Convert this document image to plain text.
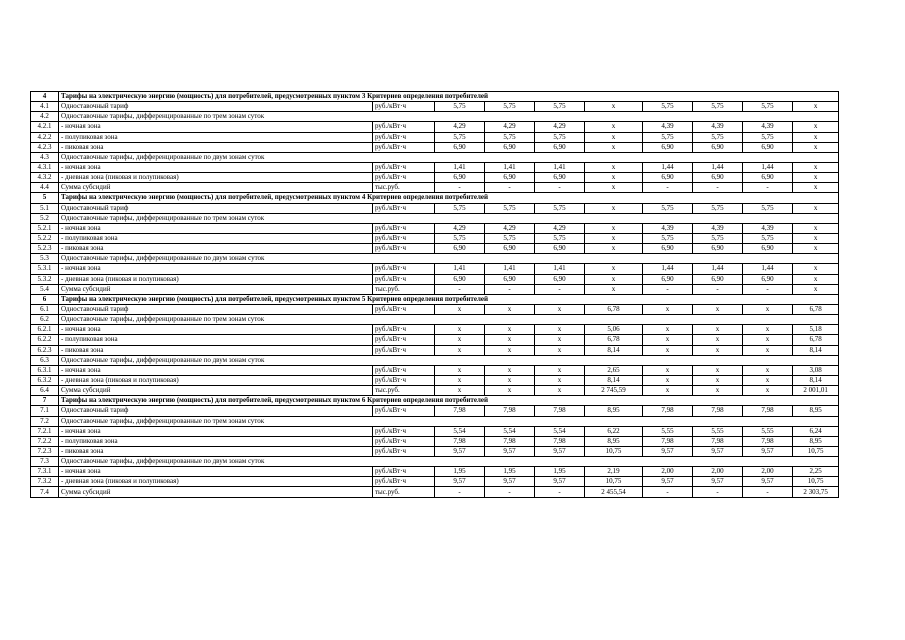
4	Тарифы на электрическую энергию (мощность) для потребителей, предусмотренных пунктом 3 Критериев определения потребителей									
4.1	Одноставочный тариф	руб./кВт·ч	5,75	5,75	5,75	x	5,75	5,75	5,75	x
4.2	Одноставочные тарифы, дифференцированные по трем зонам суток									
4.2.1	- ночная зона	руб./кВт·ч	4,29	4,29	4,29	x	4,39	4,39	4,39	x
4.2.2	- полупиковая зона	руб./кВт·ч	5,75	5,75	5,75	x	5,75	5,75	5,75	x
4.2.3	- пиковая зона	руб./кВт·ч	6,90	6,90	6,90	x	6,90	6,90	6,90	x
4.3	Одноставочные тарифы, дифференцированные по двум зонам суток									
4.3.1	- ночная зона	руб./кВт·ч	1,41	1,41	1,41	x	1,44	1,44	1,44	x
4.3.2	- дневная зона (пиковая и полупиковая)	руб./кВт·ч	6,90	6,90	6,90	x	6,90	6,90	6,90	x
4.4	Сумма субсидий	тыс.руб.	-	-	-	x	-	-	-	x
5	Тарифы на электрическую энергию (мощность) для потребителей, предусмотренных пунктом 4 Критериев определения потребителей									
5.1	Одноставочный тариф	руб./кВт·ч	5,75	5,75	5,75	x	5,75	5,75	5,75	x
5.2	Одноставочные тарифы, дифференцированные по трем зонам суток									
5.2.1	- ночная зона	руб./кВт·ч	4,29	4,29	4,29	x	4,39	4,39	4,39	x
5.2.2	- полупиковая зона	руб./кВт·ч	5,75	5,75	5,75	x	5,75	5,75	5,75	x
5.2.3	- пиковая зона	руб./кВт·ч	6,90	6,90	6,90	x	6,90	6,90	6,90	x
5.3	Одноставочные тарифы, дифференцированные по двум зонам суток									
5.3.1	- ночная зона	руб./кВт·ч	1,41	1,41	1,41	x	1,44	1,44	1,44	x
5.3.2	- дневная зона (пиковая и полупиковая)	руб./кВт·ч	6,90	6,90	6,90	x	6,90	6,90	6,90	x
5.4	Сумма субсидий	тыс.руб.	-	-	-	x	-	-	-	x
6	Тарифы на электрическую энергию (мощность) для потребителей, предусмотренных пунктом 5 Критериев определения потребителей									
6.1	Одноставочный тариф	руб./кВт·ч	x	x	x	6,78	x	x	x	6,78
6.2	Одноставочные тарифы, дифференцированные по трем зонам суток									
6.2.1	- ночная зона	руб./кВт·ч	x	x	x	5,06	x	x	x	5,18
6.2.2	- полупиковая зона	руб./кВт·ч	x	x	x	6,78	x	x	x	6,78
6.2.3	- пиковая зона	руб./кВт·ч	x	x	x	8,14	x	x	x	8,14
6.3	Одноставочные тарифы, дифференцированные по двум зонам суток									
6.3.1	- ночная зона	руб./кВт·ч	x	x	x	2,65	x	x	x	3,08
6.3.2	- дневная зона (пиковая и полупиковая)	руб./кВт·ч	x	x	x	8,14	x	x	x	8,14
6.4	Сумма субсидий	тыс.руб.	x	x	x	2 745,59	x	x	x	2 001,01
7	Тарифы на электрическую энергию (мощность) для потребителей, предусмотренных пунктом 6 Критериев определения потребителей									
7.1	Одноставочный тариф	руб./кВт·ч	7,98	7,98	7,98	8,95	7,98	7,98	7,98	8,95
7.2	Одноставочные тарифы, дифференцированные по трем зонам суток									
7.2.1	- ночная зона	руб./кВт·ч	5,54	5,54	5,54	6,22	5,55	5,55	5,55	6,24
7.2.2	- полупиковая зона	руб./кВт·ч	7,98	7,98	7,98	8,95	7,98	7,98	7,98	8,95
7.2.3	- пиковая зона	руб./кВт·ч	9,57	9,57	9,57	10,75	9,57	9,57	9,57	10,75
7.3	Одноставочные тарифы, дифференцированные по двум зонам суток									
7.3.1	- ночная зона	руб./кВт·ч	1,95	1,95	1,95	2,19	2,00	2,00	2,00	2,25
7.3.2	- дневная зона (пиковая и полупиковая)	руб./кВт·ч	9,57	9,57	9,57	10,75	9,57	9,57	9,57	10,75
7.4	Сумма субсидий	тыс.руб.	-	-	-	2 455,54	-	-	-	2 303,75
